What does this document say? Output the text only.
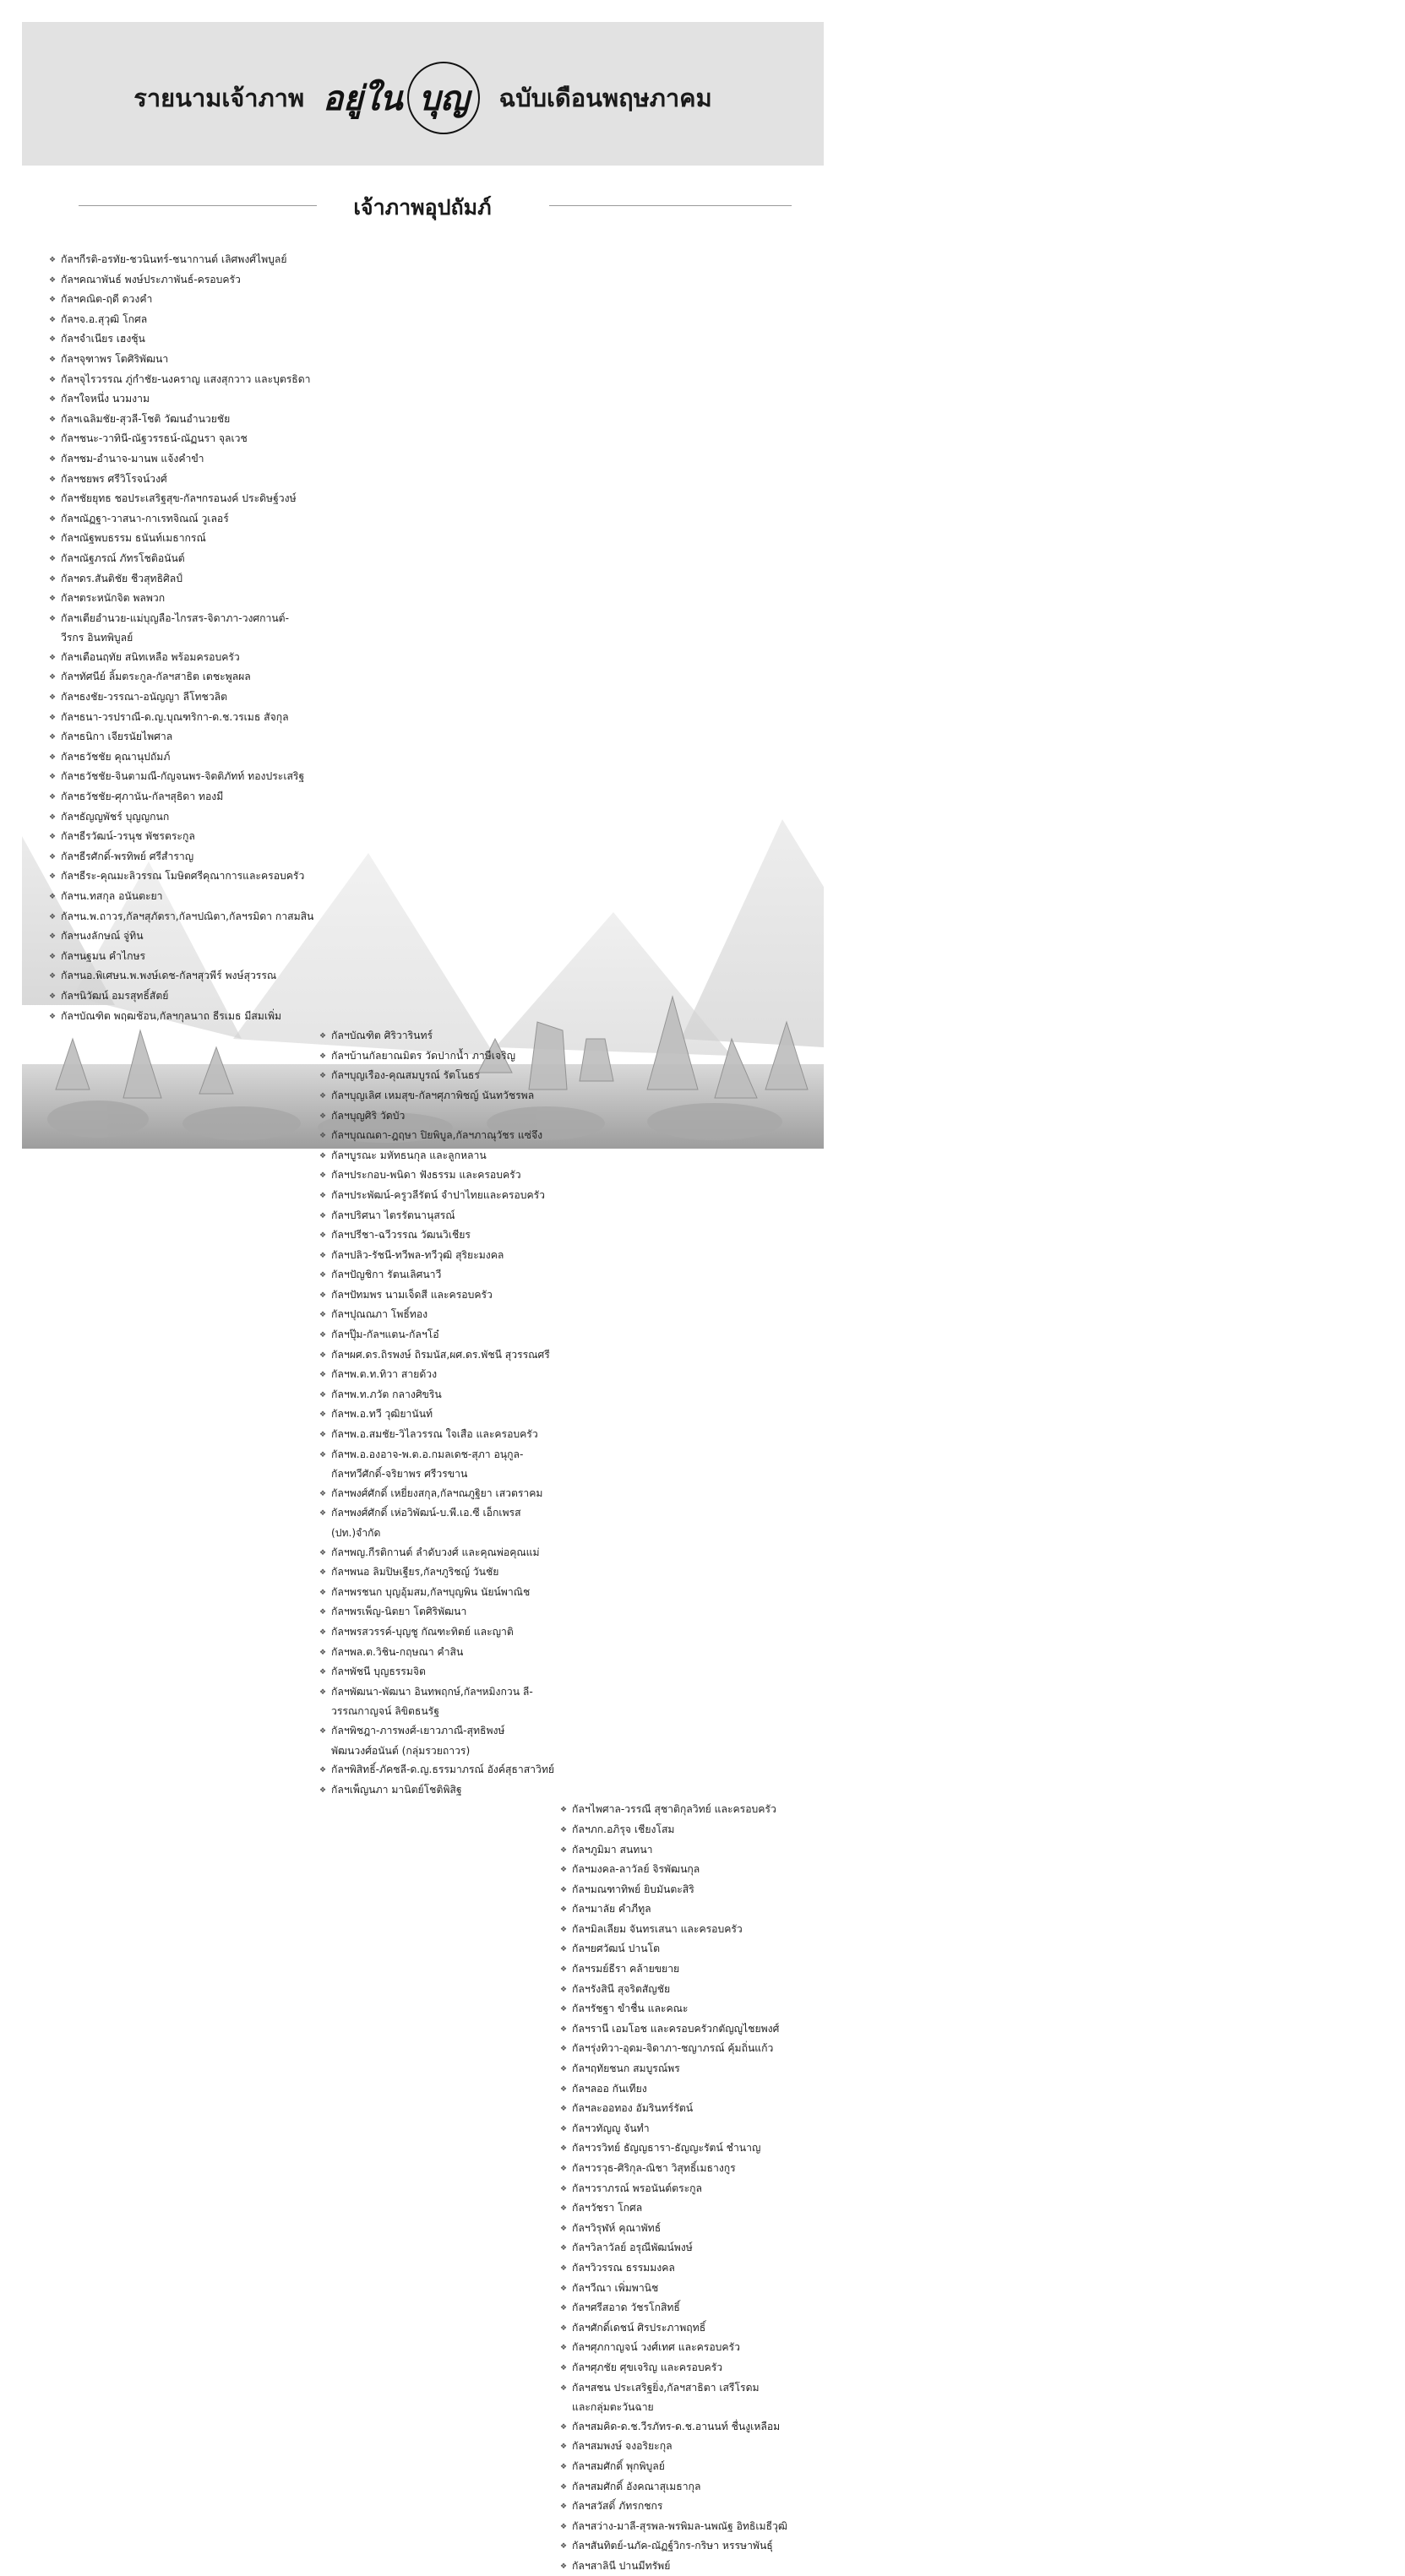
รายนามเจ้าภาพ อยู่ใน บุญ ฉบับเดือนพฤษภาคม
เจ้าภาพอุปถัมภ์
❖ กัลฯกีรติ-อรทัย-ชวนินทร์-ชนากานต์ เลิศพงศ์ไพบูลย์
❖ กัลฯคณาพันธ์ พงษ์ประภาพันธ์-ครอบครัว
❖ กัลฯคณิต-ฤดี ดวงคำ
❖ กัลฯจ.อ.สุวุฒิ โกศล
❖ กัลฯจำเนียร เฮงชุ้น
❖ กัลฯจุฑาพร โตศิริพัฒนา
❖ กัลฯจุไรวรรณ ภู่กำชัย-นงคราญ แสงสุกวาว และบุตรธิดา
❖ กัลฯใจหนึ่ง นวมงาม
❖ กัลฯเฉลิมชัย-สุวลี-โชติ วัฒนอำนวยชัย
❖ กัลฯชนะ-วาทินี-ณัฐวรรธน์-ณัฏนรา จุลเวช
❖ กัลฯชม-อำนาจ-มานพ แจ้งคำขำ
❖ กัลฯชยพร ศรีวิโรจน์วงศ์
❖ กัลฯชัยยุทธ ชอประเสริฐสุข-กัลฯกรอนงค์ ประดิษฐ์วงษ์
❖ กัลฯณัฏฐา-วาสนา-กาเรทจิณณ์ วูเลอร์
❖ กัลฯณัฐพบธรรม ธนันท์เมธากรณ์
❖ กัลฯณัฐภรณ์ ภัทรโชติอนันต์
❖ กัลฯดร.สันติชัย ชีวสุทธิศิลป์
❖ กัลฯตระหนักจิต พลพวก
❖ กัลฯเตียอำนวย-แม่บุญลือ-ไกรสร-จิดาภา-วงศกานต์-
วีรกร อินทพิบูลย์
❖ กัลฯเตือนฤทัย สนิทเหลือ พร้อมครอบครัว
❖ กัลฯทัศนีย์ ลิ้มตระกูล-กัลฯสาธิต เตชะพูลผล
❖ กัลฯธงชัย-วรรณา-อนัญญา ลีโทชวลิต
❖ กัลฯธนา-วรปราณี-ด.ญ.บุณฑริกา-ด.ช.วรเมธ สัจกุล
❖ กัลฯธนิกา เจียรนัยไพศาล
❖ กัลฯธวัชชัย คุณานุปถัมภ์
❖ กัลฯธวัชชัย-จินตามณี-กัญจนพร-จิตติภัทท์ ทองประเสริฐ
❖ กัลฯธวัชชัย-ศุภานัน-กัลฯสุธิดา ทองมี
❖ กัลฯธัญญพัชร์ บุญญกนก
❖ กัลฯธีรวัฒน์-วรนุช พัชรตระกูล
❖ กัลฯธีรศักดิ์-พรทิพย์ ศรีสำราญ
❖ กัลฯธีระ-คุณมะลิวรรณ โมษิตศรีคุณาการและครอบครัว
❖ กัลฯน.ทสกุล อนันตะยา
❖ กัลฯน.พ.ถาวร,กัลฯสุภัตรา,กัลฯปณิตา,กัลฯรมิดา กาสมสิน
❖ กัลฯนงลักษณ์ จู่ทิน
❖ กัลฯนฐมน คำไกษร
❖ กัลฯนอ.พิเศษน.พ.พงษ์เดช-กัลฯสุวพีร์ พงษ์สุวรรณ
❖ กัลฯนิวัฒน์ อมรสุทธิ์สัตย์
❖ กัลฯบัณฑิต พฤฒช้อน,กัลฯกุลนาถ ธีรเมธ มีสมเพิ่ม
❖ กัลฯบัณฑิต ศิริวารินทร์
❖ กัลฯบ้านกัลยาณมิตร วัดปากน้ำ ภาษีเจริญ
❖ กัลฯบุญเรือง-คุณสมบูรณ์ รัตโนธร
❖ กัลฯบุญเลิศ เหมสุข-กัลฯศุภาพิชญ์ นันทวัชรพล
❖ กัลฯบุญศิริ วัดบัว
❖ กัลฯบุณณดา-ฎฤษา ปิยพิบูล,กัลฯภาณุวัชร แซ่จึง
❖ กัลฯบูรณะ มหัทธนกุล และลูกหลาน
❖ กัลฯประกอบ-พนิดา ฟังธรรม และครอบครัว
❖ กัลฯประพัฒน์-ครูวลีรัตน์ จำปาไทยและครอบครัว
❖ กัลฯปริศนา ไตรรัตนานุสรณ์
❖ กัลฯปรีชา-ฉวีวรรณ วัฒนวิเชียร
❖ กัลฯปลิว-รัชนี-ทวีพล-ทวีวุฒิ สุริยะมงคล
❖ กัลฯปัญชิกา รัตนเลิศนาวี
❖ กัลฯปัทมพร นามเจ็ดสี และครอบครัว
❖ กัลฯปุณณภา โพธิ์ทอง
❖ กัลฯปุ๊ม-กัลฯแตน-กัลฯโอ๋
❖ กัลฯผศ.ดร.ถิรพงษ์ ถิรมนัส,ผศ.ดร.พัชนี สุวรรณศรี
❖ กัลฯพ.ต.ท.ทิวา สายด้วง
❖ กัลฯพ.ท.ภวัต กลางศิขริน
❖ กัลฯพ.อ.ทวี วุฒิยานันท์
❖ กัลฯพ.อ.สมชัย-วิไลวรรณ ใจเสือ และครอบครัว
❖ กัลฯพ.อ.องอาจ-พ.ต.อ.กมลเดช-สุภา อนุกูล-
กัลฯทวีศักดิ์-จริยาพร ศรีวรขาน
❖ กัลฯพงศ์ศักดิ์ เหยี่ยงสกุล,กัลฯณภูฐิยา เสวตราคม
❖ กัลฯพงศ์ศักดิ์ เห่อวิพัฒน์-บ.พี.เอ.ซี เอ็กเพรส
(ปท.)จำกัด
❖ กัลฯพญ.กีรติกานต์ ลำดับวงศ์ และคุณพ่อคุณแม่
❖ กัลฯพนอ ลิมปิษเฐียร,กัลฯภูริชญ์ วันชัย
❖ กัลฯพรชนก บุญอุ้มสม,กัลฯบุญพิน นัยน์พาณิช
❖ กัลฯพรเพ็ญ-นิตยา โตศิริพัฒนา
❖ กัลฯพรสวรรค์-บุญชู กัณฑะทิตย์ และญาติ
❖ กัลฯพล.ต.วิชิน-กฤษณา คำสิน
❖ กัลฯพัชนี บุญธรรมจิต
❖ กัลฯพัฒนา-พัฒนา อินทพฤกษ์,กัลฯหมิงกวน ลี-
วรรณกาญจน์ ลิขิตธนรัฐ
❖ กัลฯพิชฎา-ภารพงศ์-เยาวภาณี-สุทธิพงษ์
พัฒนวงศ์อนันต์ (กลุ่มรวยถาวร)
❖ กัลฯพิสิทธิ์-ภัคชลี-ด.ญ.ธรรมาภรณ์ อังค์สุธาสาวิทย์
❖ กัลฯเพ็ญนภา มานิตย์โชติพิสิฐ
❖ กัลฯไพศาล-วรรณี สุชาติกุลวิทย์ และครอบครัว
❖ กัลฯภก.อภิรุจ เชียงโสม
❖ กัลฯภูมิมา สนทนา
❖ กัลฯมงคล-ลาวัลย์ จิรพัฒนกุล
❖ กัลฯมณฑาทิพย์ ยิบมันตะสิริ
❖ กัลฯมาลัย คำภีทูล
❖ กัลฯมิลเลียม จันทรเสนา และครอบครัว
❖ กัลฯยศวัฒน์ ปานโต
❖ กัลฯรมย์ธีรา คล้ายขยาย
❖ กัลฯรังสินี สุจริตสัญชัย
❖ กัลฯรัชฐา ขำชื่น และคณะ
❖ กัลฯรานี เอมโอช และครอบครัวกตัญญูไชยพงศ์
❖ กัลฯรุ่งทิวา-อุดม-จิดาภา-ชญาภรณ์ คุ้มถิ่นแก้ว
❖ กัลฯฤทัยชนก สมบูรณ์พร
❖ กัลฯลออ กันเทียง
❖ กัลฯละออทอง อัมรินทร์รัตน์
❖ กัลฯวทัญญู จันทำ
❖ กัลฯวรวิทย์ ธัญญธารา-ธัญญะรัตน์ ชำนาญ
❖ กัลฯวรวุธ-ศิริกุล-ณิชา วิสุทธิ์เมธางกูร
❖ กัลฯวราภรณ์ พรอนันต์ตระกูล
❖ กัลฯวัชรา โกศล
❖ กัลฯวิรุฬห์ คุณาพัทธ์
❖ กัลฯวิลาวัลย์ อรุณีพัฒน์พงษ์
❖ กัลฯวิวรรณ ธรรมมงคล
❖ กัลฯวีณา เพิ่มพานิช
❖ กัลฯศรีสอาด วัชรโกสิทธิ์
❖ กัลฯศักดิ์เดชน์ ศิรประภาพฤทธิ์
❖ กัลฯศุภกาญจน์ วงศ์เทศ และครอบครัว
❖ กัลฯศุภชัย ศุขเจริญ และครอบครัว
❖ กัลฯสชน ประเสริฐยิ่ง,กัลฯสาธิตา เสรีโรดม
และกลุ่มตะวันฉาย
❖ กัลฯสมคิด-ด.ช.วีรภัทร-ด.ช.อานนท์ ชื่นงูเหลือม
❖ กัลฯสมพงษ์ จงอริยะกุล
❖ กัลฯสมศักดิ์ พุกพิบูลย์
❖ กัลฯสมศักดิ์ อังคณาสุเมธากุล
❖ กัลฯสวัสดิ์ ภัทรกชกร
❖ กัลฯสว่าง-มาลี-สุรพล-พรพิมล-นพณัฐ อิทธิเมธีวุฒิ
❖ กัลฯสันทิตย์-นภัค-ณัฏฐ์วิกร-กริษา หรรษาพันธุ์
❖ กัลฯสาลินี ปานมีทรัพย์
